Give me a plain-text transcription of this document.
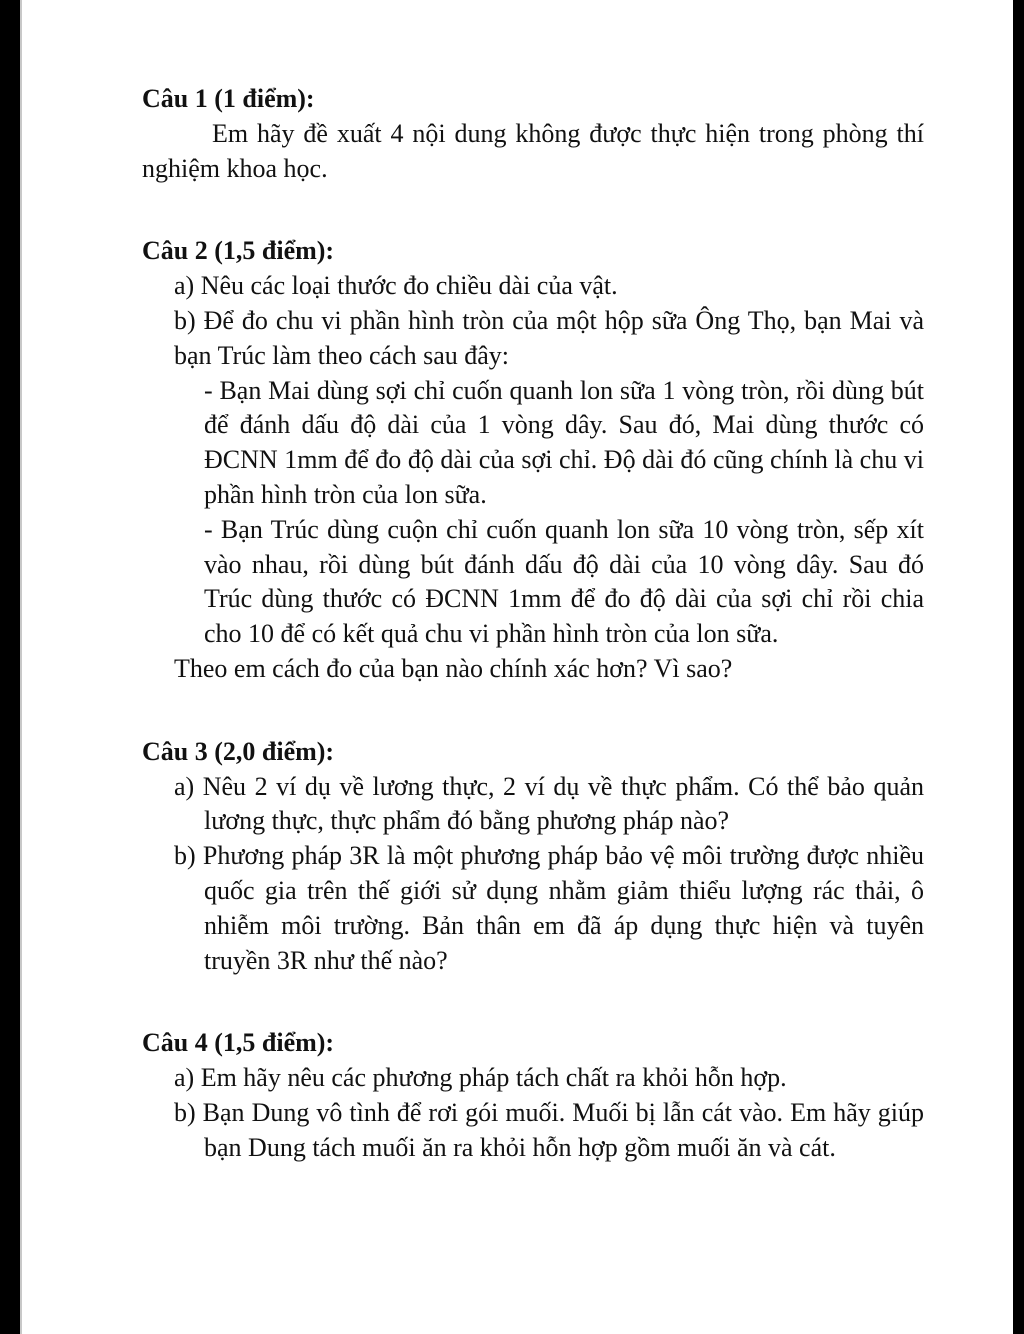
Câu 1 (1 điểm):

Em hãy đề xuất 4 nội dung không được thực hiện trong phòng thí nghiệm khoa học.

Câu 2 (1,5 điểm):

a) Nêu các loại thước đo chiều dài của vật.

b) Để đo chu vi phần hình tròn của một hộp sữa Ông Thọ, bạn Mai và bạn Trúc làm theo cách sau đây:

- Bạn Mai dùng sợi chỉ cuốn quanh lon sữa 1 vòng tròn, rồi dùng bút để đánh dấu độ dài của 1 vòng dây. Sau đó, Mai dùng thước có ĐCNN 1mm để đo độ dài của sợi chỉ. Độ dài đó cũng chính là chu vi phần hình tròn của lon sữa.

- Bạn Trúc dùng cuộn chỉ cuốn quanh lon sữa 10 vòng tròn, sếp xít vào nhau, rồi dùng bút đánh dấu độ dài của 10 vòng dây. Sau đó Trúc dùng thước có ĐCNN 1mm để đo độ dài của sợi chỉ rồi chia cho 10 để có kết quả chu vi phần hình tròn của lon sữa.

Theo em cách đo của bạn nào chính xác hơn? Vì sao?

Câu 3 (2,0 điểm):

a) Nêu 2 ví dụ về lương thực, 2 ví dụ về thực phẩm. Có thể bảo quản lương thực, thực phẩm đó bằng phương pháp nào?

b) Phương pháp 3R là một phương pháp bảo vệ môi trường được nhiều quốc gia trên thế giới sử dụng nhằm giảm thiểu lượng rác thải, ô nhiễm môi trường. Bản thân em đã áp dụng thực hiện và tuyên truyền 3R như thế nào?

Câu 4 (1,5 điểm):

a) Em hãy nêu các phương pháp tách chất ra khỏi hỗn hợp.

b) Bạn Dung vô tình để rơi gói muối. Muối bị lẫn cát vào. Em hãy giúp bạn Dung tách muối ăn ra khỏi hỗn hợp gồm muối ăn và cát.
